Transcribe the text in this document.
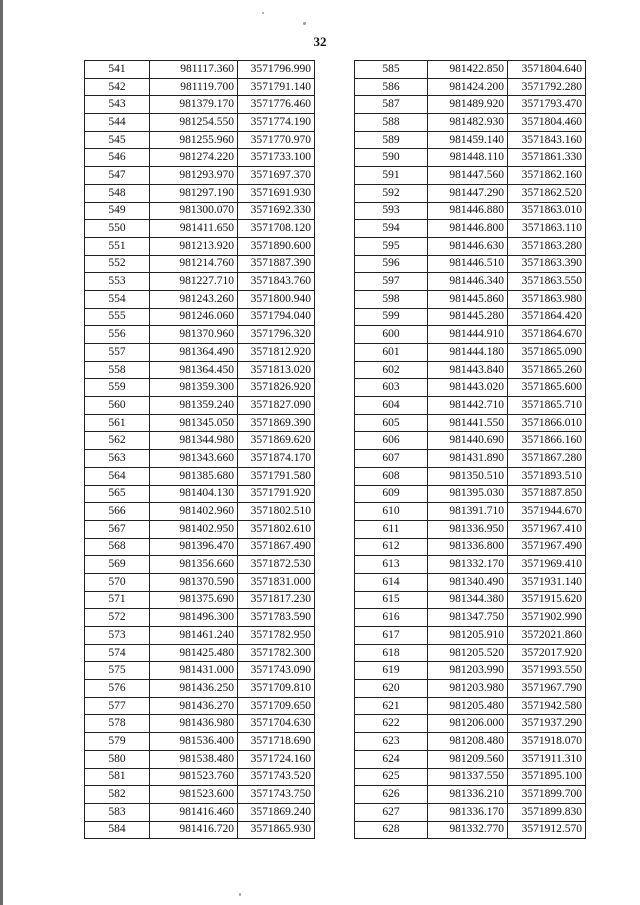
32
541	981117.360	3571796.990
542	981119.700	3571791.140
543	981379.170	3571776.460
544	981254.550	3571774.190
545	981255.960	3571770.970
546	981274.220	3571733.100
547	981293.970	3571697.370
548	981297.190	3571691.930
549	981300.070	3571692.330
550	981411.650	3571708.120
551	981213.920	3571890.600
552	981214.760	3571887.390
553	981227.710	3571843.760
554	981243.260	3571800.940
555	981246.060	3571794.040
556	981370.960	3571796.320
557	981364.490	3571812.920
558	981364.450	3571813.020
559	981359.300	3571826.920
560	981359.240	3571827.090
561	981345.050	3571869.390
562	981344.980	3571869.620
563	981343.660	3571874.170
564	981385.680	3571791.580
565	981404.130	3571791.920
566	981402.960	3571802.510
567	981402.950	3571802.610
568	981396.470	3571867.490
569	981356.660	3571872.530
570	981370.590	3571831.000
571	981375.690	3571817.230
572	981496.300	3571783.590
573	981461.240	3571782.950
574	981425.480	3571782.300
575	981431.000	3571743.090
576	981436.250	3571709.810
577	981436.270	3571709.650
578	981436.980	3571704.630
579	981536.400	3571718.690
580	981538.480	3571724.160
581	981523.760	3571743.520
582	981523.600	3571743.750
583	981416.460	3571869.240
584	981416.720	3571865.930
585	981422.850	3571804.640
586	981424.200	3571792.280
587	981489.920	3571793.470
588	981482.930	3571804.460
589	981459.140	3571843.160
590	981448.110	3571861.330
591	981447.560	3571862.160
592	981447.290	3571862.520
593	981446.880	3571863.010
594	981446.800	3571863.110
595	981446.630	3571863.280
596	981446.510	3571863.390
597	981446.340	3571863.550
598	981445.860	3571863.980
599	981445.280	3571864.420
600	981444.910	3571864.670
601	981444.180	3571865.090
602	981443.840	3571865.260
603	981443.020	3571865.600
604	981442.710	3571865.710
605	981441.550	3571866.010
606	981440.690	3571866.160
607	981431.890	3571867.280
608	981350.510	3571893.510
609	981395.030	3571887.850
610	981391.710	3571944.670
611	981336.950	3571967.410
612	981336.800	3571967.490
613	981332.170	3571969.410
614	981340.490	3571931.140
615	981344.380	3571915.620
616	981347.750	3571902.990
617	981205.910	3572021.860
618	981205.520	3572017.920
619	981203.990	3571993.550
620	981203.980	3571967.790
621	981205.480	3571942.580
622	981206.000	3571937.290
623	981208.480	3571918.070
624	981209.560	3571911.310
625	981337.550	3571895.100
626	981336.210	3571899.700
627	981336.170	3571899.830
628	981332.770	3571912.570
